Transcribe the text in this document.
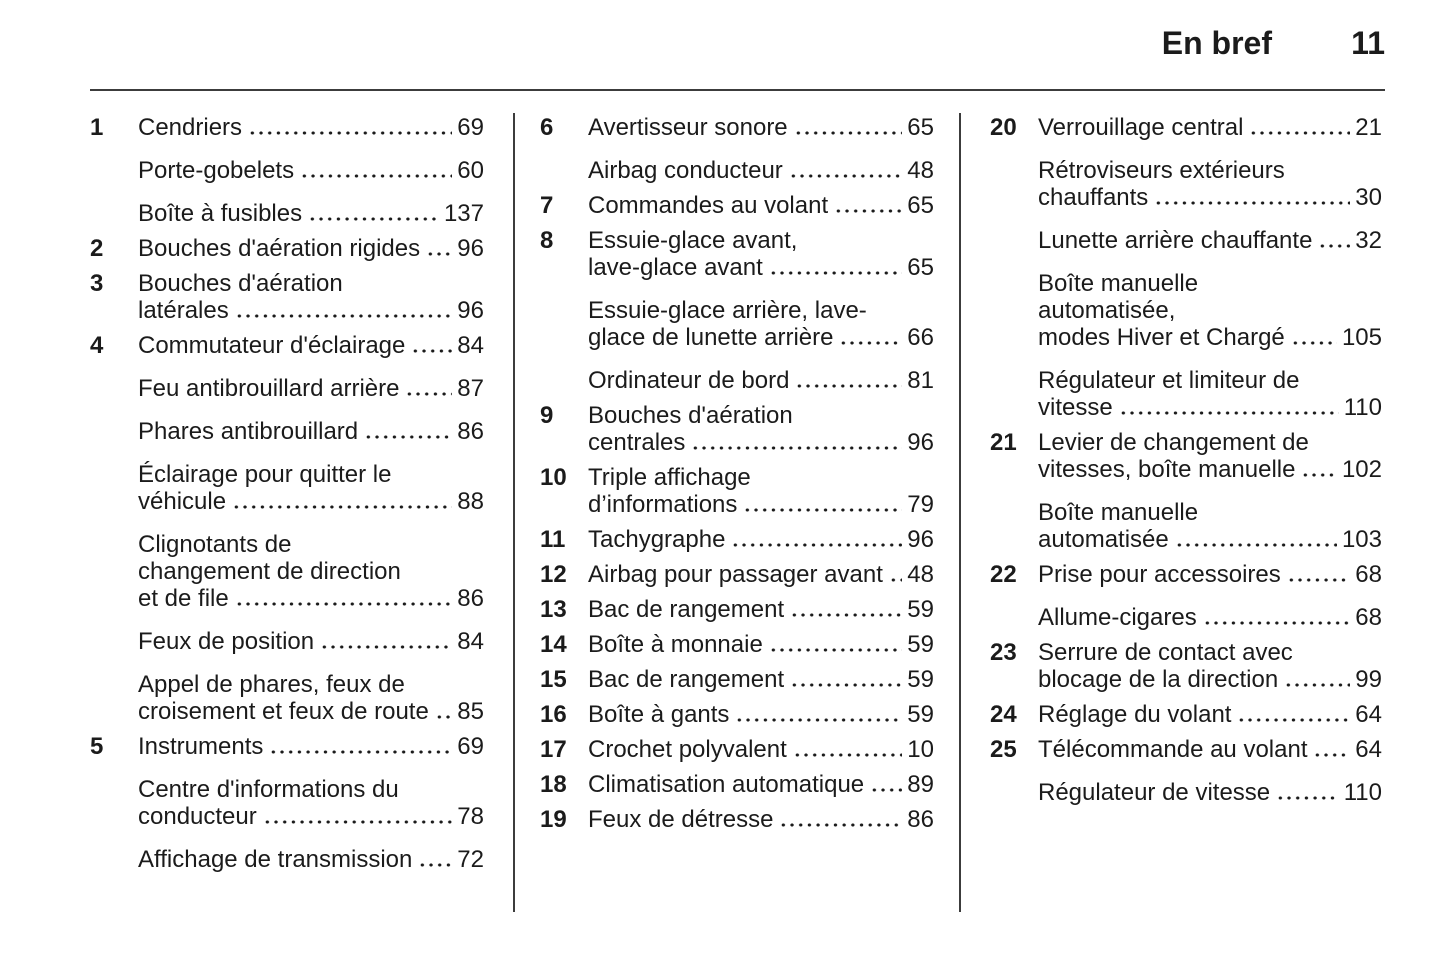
En bref 11
1	Cendriers	69
Porte-gobelets	60
Boîte à fusibles	137
2	Bouches d'aération rigides 96
3	Bouches d'aération
latérales	96
4	Commutateur d'éclairage 84
Feu antibrouillard arrière 87
Phares antibrouillard	86
Éclairage pour quitter le
véhicule	88
Clignotants de
changement de direction
et de file	86
Feux de position	84
Appel de phares, feux de
croisement et feux de route 85
5	Instruments	69
Centre d'informations du
conducteur	78
Affichage de transmission 72
6	Avertisseur sonore	65
Airbag conducteur	48
7	Commandes au volant	65
8	Essuie-glace avant,
lave-glace avant	65
Essuie-glace arrière, lave-
glace de lunette arrière	66
Ordinateur de bord	81
9	Bouches d'aération
centrales	96
10 Triple affichage
d’informations	79
11 Tachygraphe	96
12 Airbag pour passager avant 48
13 Bac de rangement	59
14 Boîte à monnaie	59
15 Bac de rangement	59
16 Boîte à gants	59
17 Crochet polyvalent	10
18 Climatisation automatique 89
19 Feux de détresse	86
20 Verrouillage central	21
Rétroviseurs extérieurs
chauffants	30
Lunette arrière chauffante 32
Boîte manuelle
automatisée,
modes Hiver et Chargé 105
Régulateur et limiteur de
vitesse	110
21 Levier de changement de
vitesses, boîte manuelle 102
Boîte manuelle
automatisée	103
22 Prise pour accessoires	68
Allume-cigares	68
23 Serrure de contact avec
blocage de la direction	99
24 Réglage du volant	64
25 Télécommande au volant 64
Régulateur de vitesse	110
